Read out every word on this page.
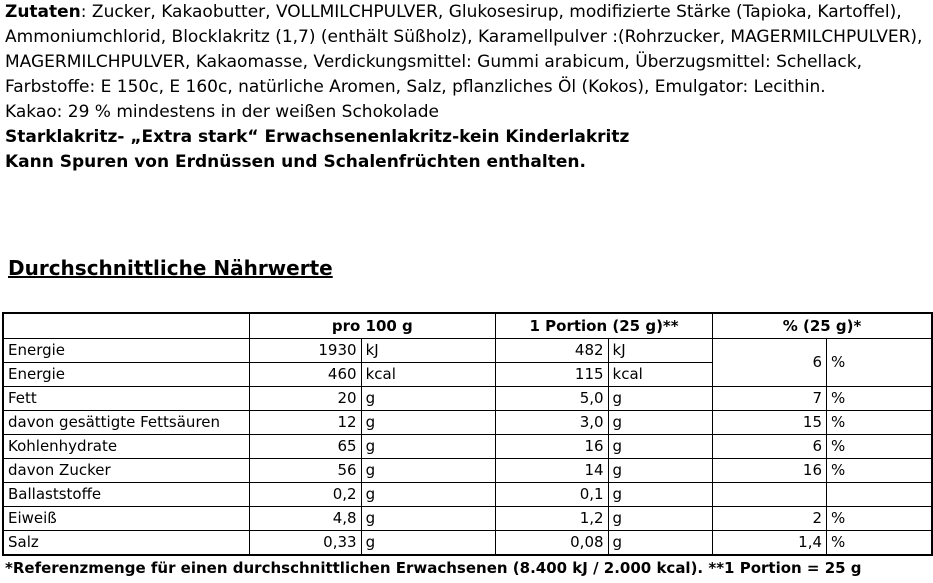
Zutaten: Zucker, Kakaobutter, VOLLMILCHPULVER, Glukosesirup, modifizierte Stärke (Tapioka, Kartoffel), Ammoniumchlorid, Blocklakritz (1,7) (enthält Süßholz), Karamellpulver :(Rohrzucker, MAGERMILCHPULVER), MAGERMILCHPULVER, Kakaomasse, Verdickungsmittel: Gummi arabicum, Überzugsmittel: Schellack, Farbstoffe: E 150c, E 160c, natürliche Aromen, Salz, pflanzliches Öl (Kokos), Emulgator: Lecithin.

Kakao: 29 % mindestens in der weißen Schokolade

Starklakritz- „Extra stark“ Erwachsenenlakritz-kein Kinderlakritz

Kann Spuren von Erdnüssen und Schalenfrüchten enthalten.

Durchschnittliche Nährwerte
	pro 100 g		1 Portion (25 g)**		% (25 g)*	
Energie	1930	kJ	482	kJ	6	%
Energie	460	kcal	115	kcal		
Fett	20	g	5,0	g	7	%
davon gesättigte Fettsäuren	12	g	3,0	g	15	%
Kohlenhydrate	65	g	16	g	6	%
davon Zucker	56	g	14	g	16	%
Ballaststoffe	0,2	g	0,1	g		
Eiweiß	4,8	g	1,2	g	2	%
Salz	0,33	g	0,08	g	1,4	%
*Referenzmenge für einen durchschnittlichen Erwachsenen (8.400 kJ / 2.000 kcal). **1 Portion = 25 g
